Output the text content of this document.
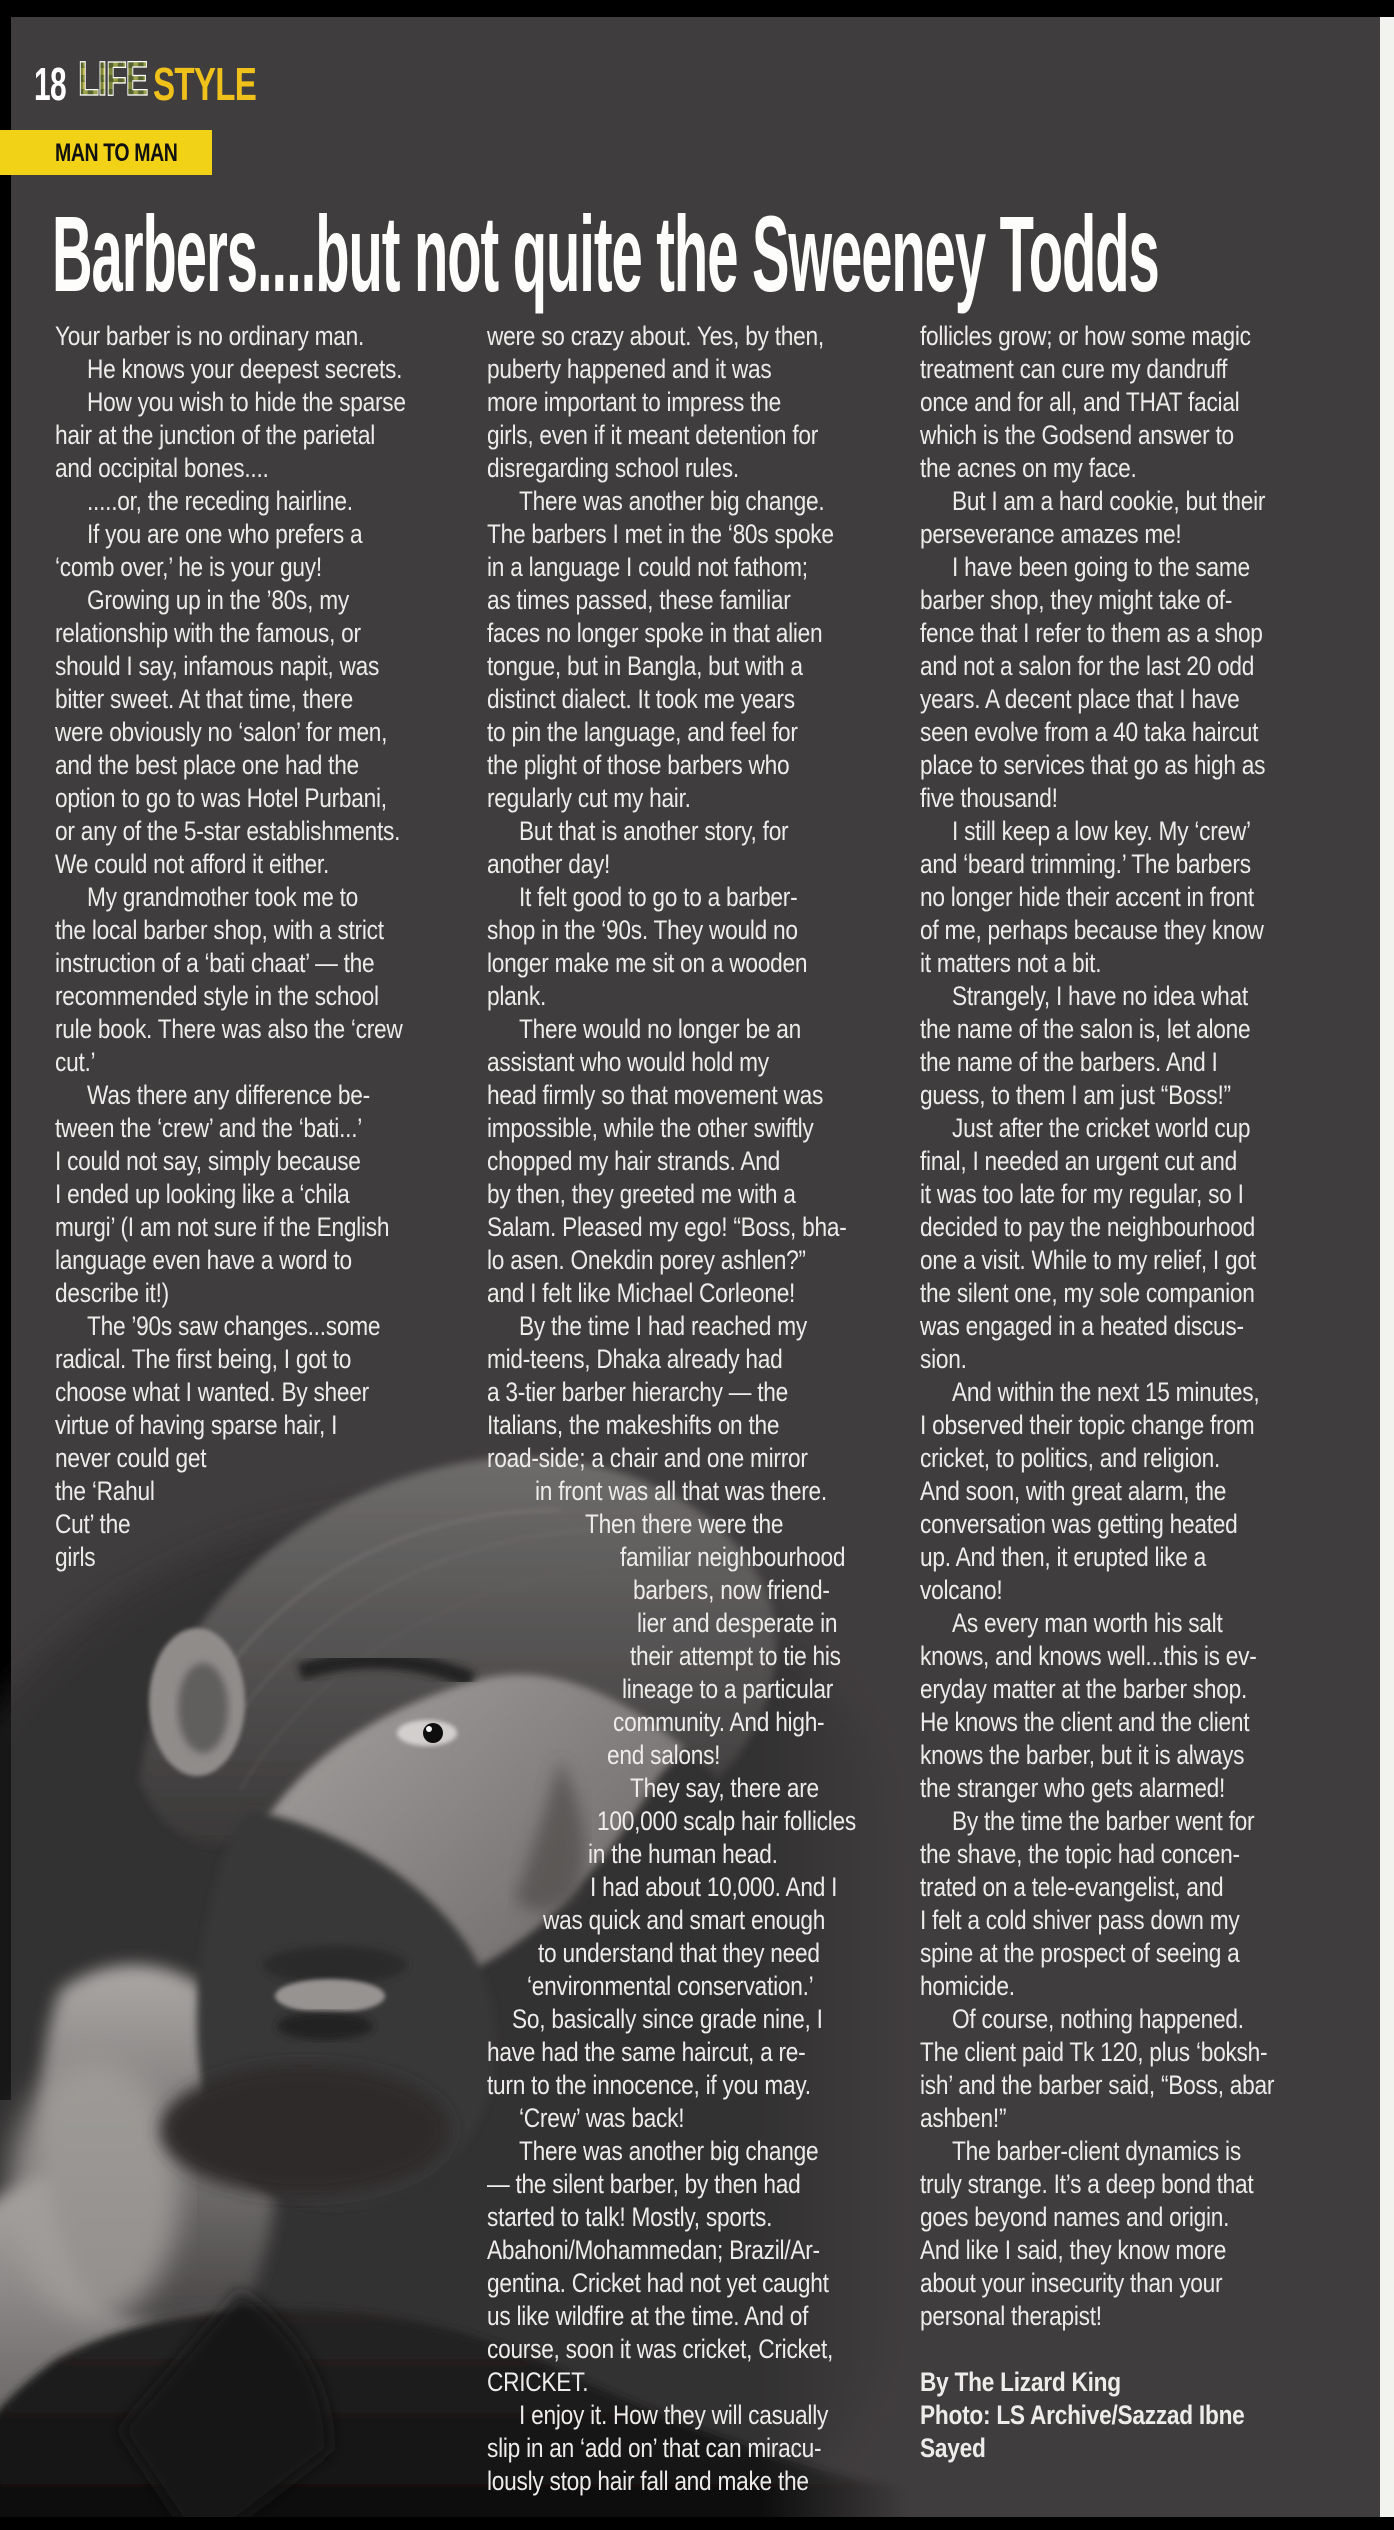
18 LIFE STYLE
MAN TO MAN
Barbers....but not quite the Sweeney Todds
Your barber is no ordinary man.
He knows your deepest secrets.
How you wish to hide the sparse
hair at the junction of the parietal
and occipital bones....
.....or, the receding hairline.
If you are one who prefers a
‘comb over,’ he is your guy!
Growing up in the ’80s, my
relationship with the famous, or
should I say, infamous napit, was
bitter sweet. At that time, there
were obviously no ‘salon’ for men,
and the best place one had the
option to go to was Hotel Purbani,
or any of the 5-star establishments.
We could not afford it either.
My grandmother took me to
the local barber shop, with a strict
instruction of a ‘bati chaat’ — the
recommended style in the school
rule book. There was also the ‘crew
cut.’
Was there any difference be-
tween the ‘crew’ and the ‘bati...’
I could not say, simply because
I ended up looking like a ‘chila
murgi’ (I am not sure if the English
language even have a word to
describe it!)
The ’90s saw changes...some
radical. The first being, I got to
choose what I wanted. By sheer
virtue of having sparse hair, I
never could get
the ‘Rahul
Cut’ the
girls
were so crazy about. Yes, by then,
puberty happened and it was
more important to impress the
girls, even if it meant detention for
disregarding school rules.
There was another big change.
The barbers I met in the ‘80s spoke
in a language I could not fathom;
as times passed, these familiar
faces no longer spoke in that alien
tongue, but in Bangla, but with a
distinct dialect. It took me years
to pin the language, and feel for
the plight of those barbers who
regularly cut my hair.
But that is another story, for
another day!
It felt good to go to a barber-
shop in the ‘90s. They would no
longer make me sit on a wooden
plank.
There would no longer be an
assistant who would hold my
head firmly so that movement was
impossible, while the other swiftly
chopped my hair strands. And
by then, they greeted me with a
Salam. Pleased my ego! “Boss, bha-
lo asen. Onekdin porey ashlen?”
and I felt like Michael Corleone!
By the time I had reached my
mid-teens, Dhaka already had
a 3-tier barber hierarchy — the
Italians, the makeshifts on the
road-side; a chair and one mirror
in front was all that was there.
Then there were the
familiar neighbourhood
barbers, now friend-
lier and desperate in
their attempt to tie his
lineage to a particular
community. And high-
end salons!
They say, there are
100,000 scalp hair follicles
in the human head.
I had about 10,000. And I
was quick and smart enough
to understand that they need
‘environmental conservation.’
So, basically since grade nine, I
have had the same haircut, a re-
turn to the innocence, if you may.
‘Crew’ was back!
There was another big change
— the silent barber, by then had
started to talk! Mostly, sports.
Abahoni/Mohammedan; Brazil/Ar-
gentina. Cricket had not yet caught
us like wildfire at the time. And of
course, soon it was cricket, Cricket,
CRICKET.
I enjoy it. How they will casually
slip in an ‘add on’ that can miracu-
lously stop hair fall and make the
follicles grow; or how some magic
treatment can cure my dandruff
once and for all, and THAT facial
which is the Godsend answer to
the acnes on my face.
But I am a hard cookie, but their
perseverance amazes me!
I have been going to the same
barber shop, they might take of-
fence that I refer to them as a shop
and not a salon for the last 20 odd
years. A decent place that I have
seen evolve from a 40 taka haircut
place to services that go as high as
five thousand!
I still keep a low key. My ‘crew’
and ‘beard trimming.’ The barbers
no longer hide their accent in front
of me, perhaps because they know
it matters not a bit.
Strangely, I have no idea what
the name of the salon is, let alone
the name of the barbers. And I
guess, to them I am just “Boss!”
Just after the cricket world cup
final, I needed an urgent cut and
it was too late for my regular, so I
decided to pay the neighbourhood
one a visit. While to my relief, I got
the silent one, my sole companion
was engaged in a heated discus-
sion.
And within the next 15 minutes,
I observed their topic change from
cricket, to politics, and religion.
And soon, with great alarm, the
conversation was getting heated
up. And then, it erupted like a
volcano!
As every man worth his salt
knows, and knows well...this is ev-
eryday matter at the barber shop.
He knows the client and the client
knows the barber, but it is always
the stranger who gets alarmed!
By the time the barber went for
the shave, the topic had concen-
trated on a tele-evangelist, and
I felt a cold shiver pass down my
spine at the prospect of seeing a
homicide.
Of course, nothing happened.
The client paid Tk 120, plus ‘boksh-
ish’ and the barber said, “Boss, abar
ashben!”
The barber-client dynamics is
truly strange. It’s a deep bond that
goes beyond names and origin.
And like I said, they know more
about your insecurity than your
personal therapist!

By The Lizard King
Photo: LS Archive/Sazzad Ibne
Sayed
